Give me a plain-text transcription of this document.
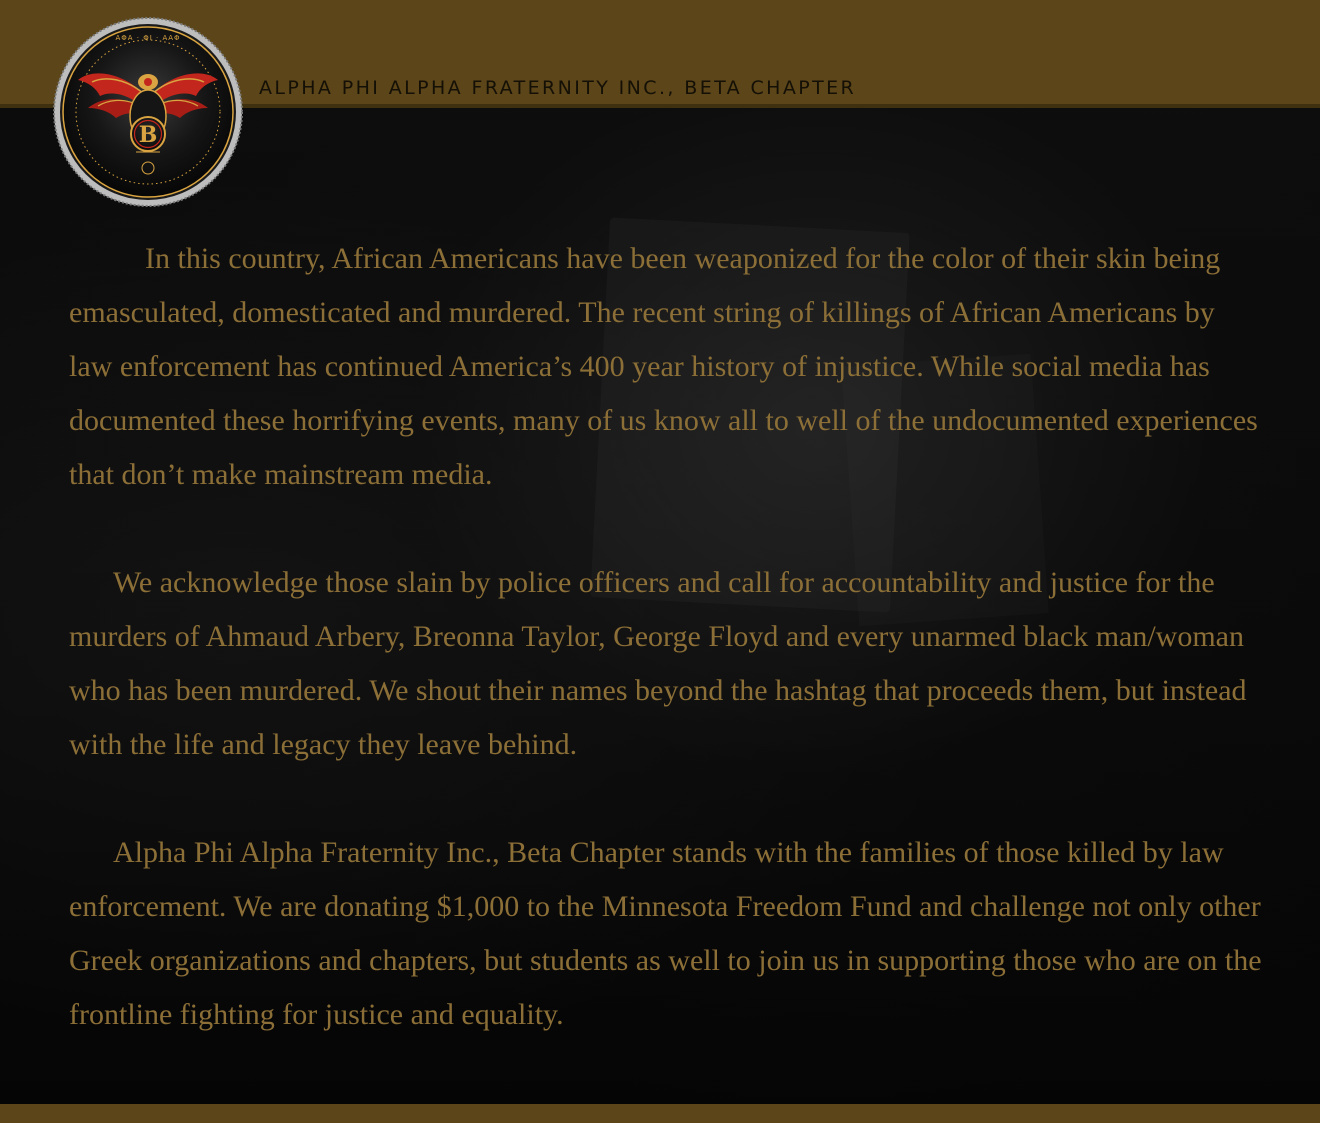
ALPHA PHI ALPHA FRATERNITY INC., BETA CHAPTER
ΑΦΑ · ΦΙ · ΑΑΦ
B

In this country, African Americans have been weaponized for the color of their skin being emasculated, domesticated and murdered. The recent string of killings of African Americans by law enforcement has continued America’s 400 year history of injustice. While social media has documented these horrifying events, many of us know all to well of the undocumented experiences that don’t make mainstream media.

We acknowledge those slain by police officers and call for accountability and justice for the murders of Ahmaud Arbery, Breonna Taylor, George Floyd and every unarmed black man/woman who has been murdered. We shout their names beyond the hashtag that proceeds them, but instead with the life and legacy they leave behind.

Alpha Phi Alpha Fraternity Inc., Beta Chapter stands with the families of those killed by law enforcement. We are donating $1,000 to the Minnesota Freedom Fund and challenge not only other Greek organizations and chapters, but students as well to join us in supporting those who are on the frontline fighting for justice and equality.
